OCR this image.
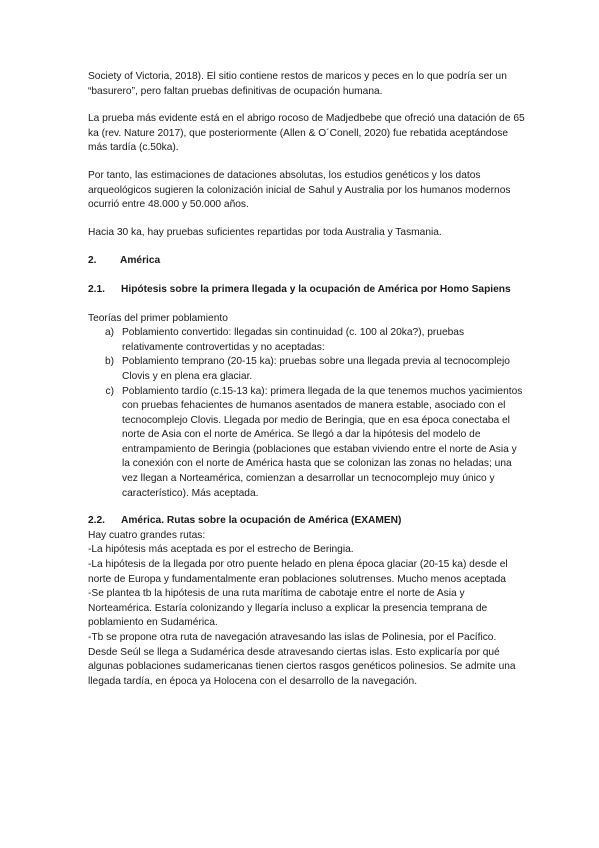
Society of Victoria, 2018). El sitio contiene restos de maricos y peces en lo que podría ser un “basurero”, pero faltan pruebas definitivas de ocupación humana.

La prueba más evidente está en el abrigo rocoso de Madjedbebe que ofreció una datación de 65 ka (rev. Nature 2017), que posteriormente (Allen & O´Conell, 2020) fue rebatida aceptándose más tardía (c.50ka).

Por tanto, las estimaciones de dataciones absolutas, los estudios genéticos y los datos arqueológicos sugieren la colonización inicial de Sahul y Australia por los humanos modernos ocurrió entre 48.000 y 50.000 años.

Hacia 30 ka, hay pruebas suficientes repartidas por toda Australia y Tasmania.

2.	América
2.1.	Hipótesis sobre la primera llegada y la ocupación de América por Homo Sapiens

Teorías del primer poblamiento

a) Poblamiento convertido: llegadas sin continuidad (c. 100 al 20ka?), pruebas relativamente controvertidas y no aceptadas:
b) Poblamiento temprano (20-15 ka): pruebas sobre una llegada previa al tecnocomplejo Clovis y en plena era glaciar.
c) Poblamiento tardío (c.15-13 ka): primera llegada de la que tenemos muchos yacimientos con pruebas fehacientes de humanos asentados de manera estable, asociado con el tecnocomplejo Clovis. Llegada por medio de Beringia, que en esa época conectaba el norte de Asia con el norte de América. Se llegó a dar la hipótesis del modelo de entrampamiento de Beringia (poblaciones que estaban viviendo entre el norte de Asia y la conexión con el norte de América hasta que se colonizan las zonas no heladas; una vez llegan a Norteamérica, comienzan a desarrollar un tecnocomplejo muy único y característico). Más aceptada.
2.2.	América. Rutas sobre la ocupación de América (EXAMEN)

Hay cuatro grandes rutas:

-La hipótesis más aceptada es por el estrecho de Beringia.

-La hipótesis de la llegada por otro puente helado en plena época glaciar (20-15 ka) desde el norte de Europa y fundamentalmente eran poblaciones solutrenses. Mucho menos aceptada

-Se plantea tb la hipótesis de una ruta marítima de cabotaje entre el norte de Asia y Norteamérica. Estaría colonizando y llegaría incluso a explicar la presencia temprana de poblamiento en Sudamérica.

-Tb se propone otra ruta de navegación atravesando las islas de Polinesia, por el Pacífico. Desde Seúl se llega a Sudamérica desde atravesando ciertas islas. Esto explicaría por qué algunas poblaciones sudamericanas tienen ciertos rasgos genéticos polinesios. Se admite una llegada tardía, en época ya Holocena con el desarrollo de la navegación.
